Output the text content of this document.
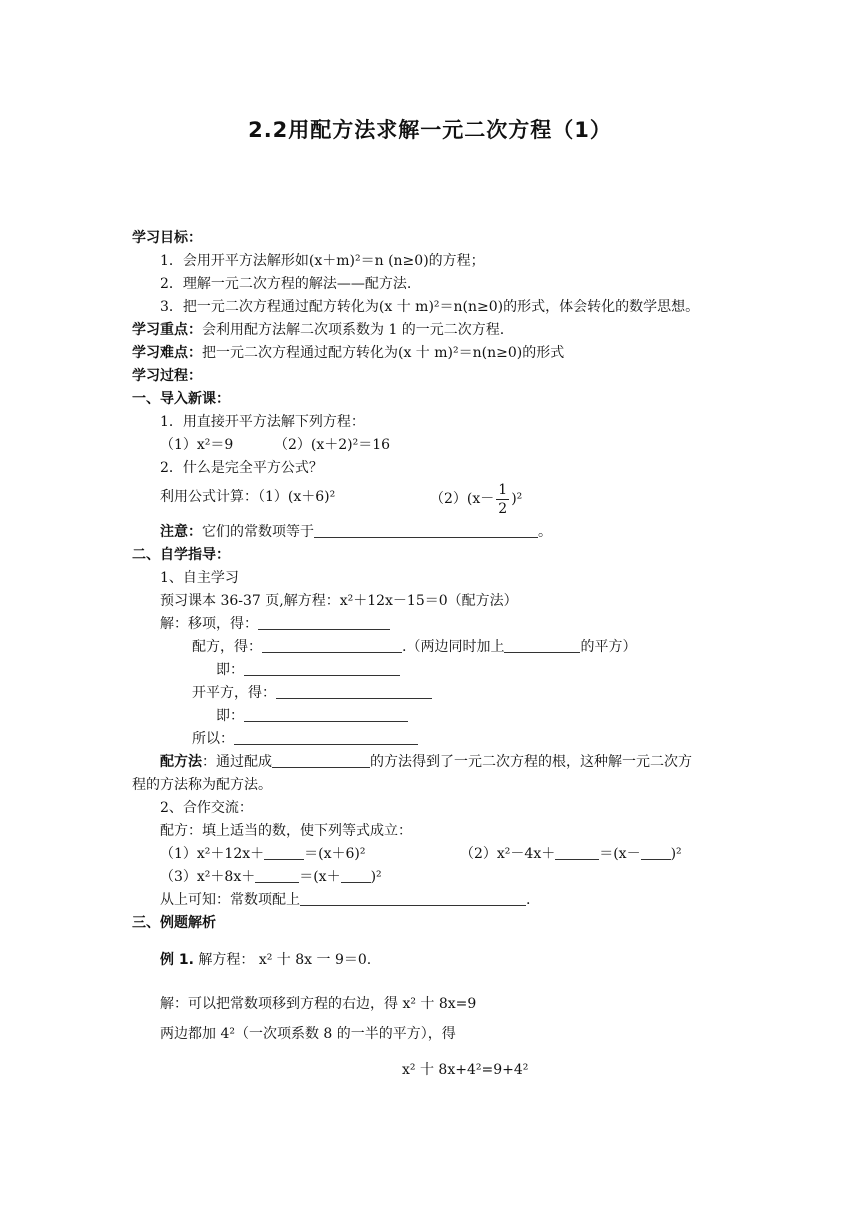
2.2用配方法求解一元二次方程（1）
学习目标：
1．会用开平方法解形如(x＋m)²＝n (n≥0)的方程；
2．理解一元二次方程的解法——配方法.
3．把一元二次方程通过配方转化为(x 十 m)²＝n(n≥0)的形式，体会转化的数学思想。
学习重点：会利用配方法解二次项系数为 1 的一元二次方程.
学习难点：把一元二次方程通过配方转化为(x 十 m)²＝n(n≥0)的形式
学习过程：
一、导入新课：
1．用直接开平方法解下列方程：
（1）x²＝9	（2）(x＋2)²＝16
2．什么是完全平方公式？
利用公式计算：（1）(x＋6)²	$(2)(x- \frac{1}{2} )^2$
注意：它们的常数项等于	。
二、自学指导：
1、自主学习
预习课本 36-37 页,解方程：x²＋12x－15＝0（配方法）
解：移项，得：
配方，得：	.（两边同时加上	的平方）
即：
开平方，得：
即：
所以：
配方法：通过配成	的方法得到了一元二次方程的根，这种解一元二次方
程的方法称为配方法。
2、合作交流：
配方：填上适当的数，使下列等式成立：
（1）x²＋12x＋	＝(x＋6)²	（2）x²－4x＋	＝(x－ )²
（3）x²＋8x＋	＝(x＋ )²
从上可知：常数项配上	.
三、例题解析
例 1. 解方程： x² 十 8x 一 9＝0.
解：可以把常数项移到方程的右边，得 x² 十 8x=9
两边都加 4²（一次项系数 8 的一半的平方），得
x² 十 8x+4²=9+4²
